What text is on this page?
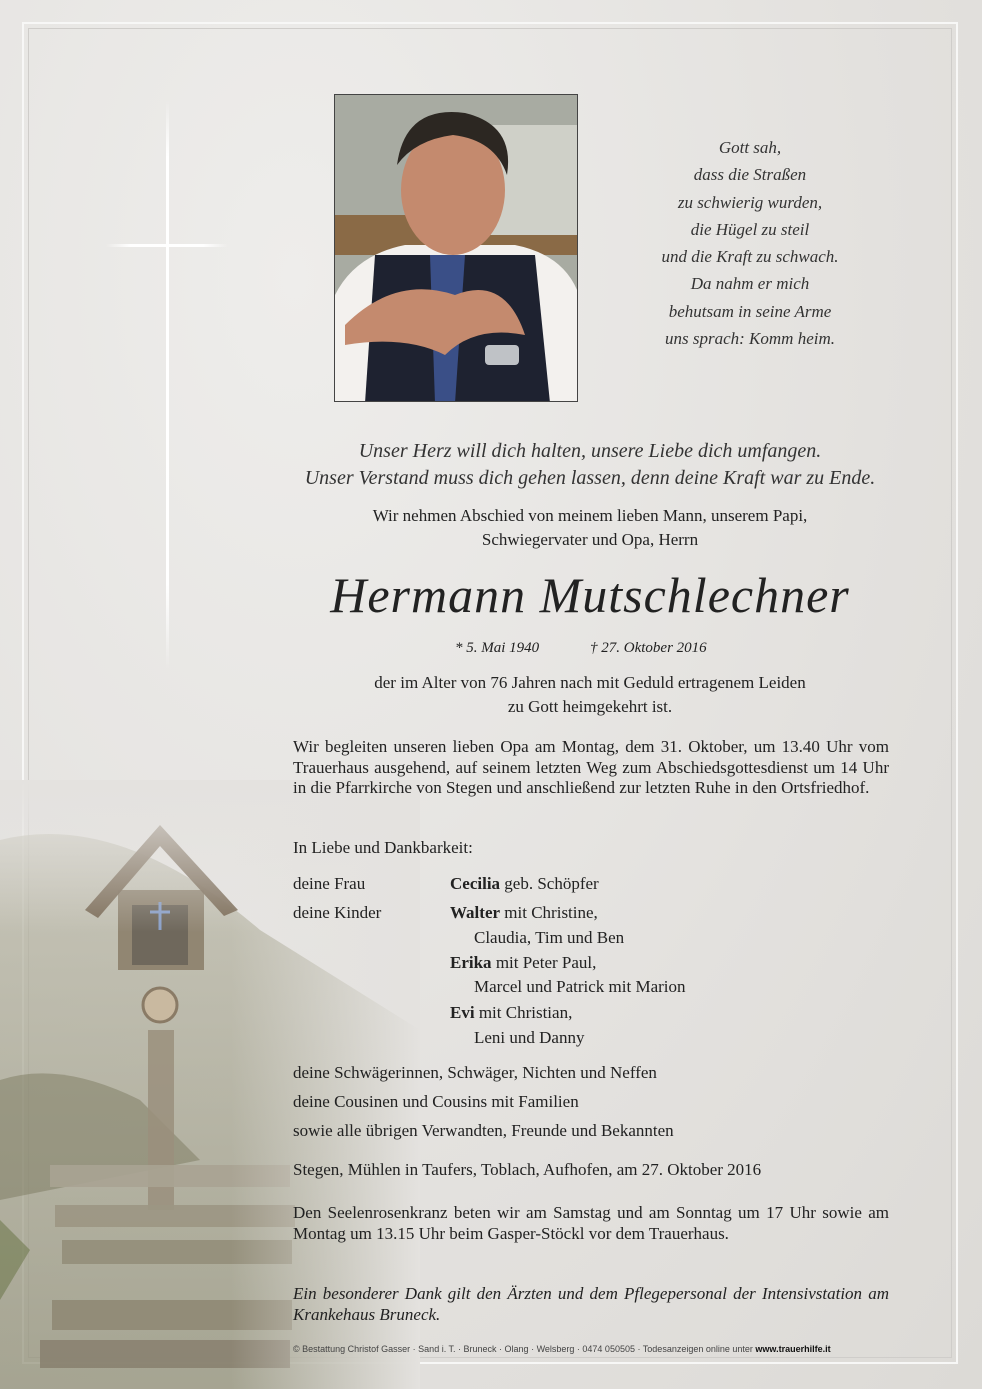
Gott sah,
dass die Straßen
zu schwierig wurden,
die Hügel zu steil
und die Kraft zu schwach.
Da nahm er mich
behutsam in seine Arme
uns sprach: Komm heim.
Unser Herz will dich halten, unsere Liebe dich umfangen.
Unser Verstand muss dich gehen lassen, denn deine Kraft war zu Ende.
Wir nehmen Abschied von meinem lieben Mann, unserem Papi,
Schwiegervater und Opa, Herrn
Hermann Mutschlechner
* 5. Mai 1940	† 27. Oktober 2016
der im Alter von 76 Jahren nach mit Geduld ertragenem Leiden
zu Gott heimgekehrt ist.
Wir begleiten unseren lieben Opa am Montag, dem 31. Oktober, um 13.40 Uhr vom Trauerhaus ausgehend, auf seinem letzten Weg zum Abschiedsgottesdienst um 14 Uhr in die Pfarrkirche von Stegen und anschließend zur letzten Ruhe in den Ortsfriedhof.
In Liebe und Dankbarkeit:
deine Frau	Cecilia geb. Schöpfer
deine Kinder	Walter mit Christine,
Claudia, Tim und Ben
Erika mit Peter Paul,
Marcel und Patrick mit Marion
Evi mit Christian,
Leni und Danny
deine Schwägerinnen, Schwäger, Nichten und Neffen
deine Cousinen und Cousins mit Familien
sowie alle übrigen Verwandten, Freunde und Bekannten
Stegen, Mühlen in Taufers, Toblach, Aufhofen, am 27. Oktober 2016
Den Seelenrosenkranz beten wir am Samstag und am Sonntag um 17 Uhr sowie am Montag um 13.15 Uhr beim Gasper-Stöckl vor dem Trauerhaus.
Ein besonderer Dank gilt den Ärzten und dem Pflegepersonal der Intensivstation am Krankehaus Bruneck.
© Bestattung Christof Gasser · Sand i. T. · Bruneck · Olang · Welsberg · 0474 050505 · Todesanzeigen online unter www.trauerhilfe.it
